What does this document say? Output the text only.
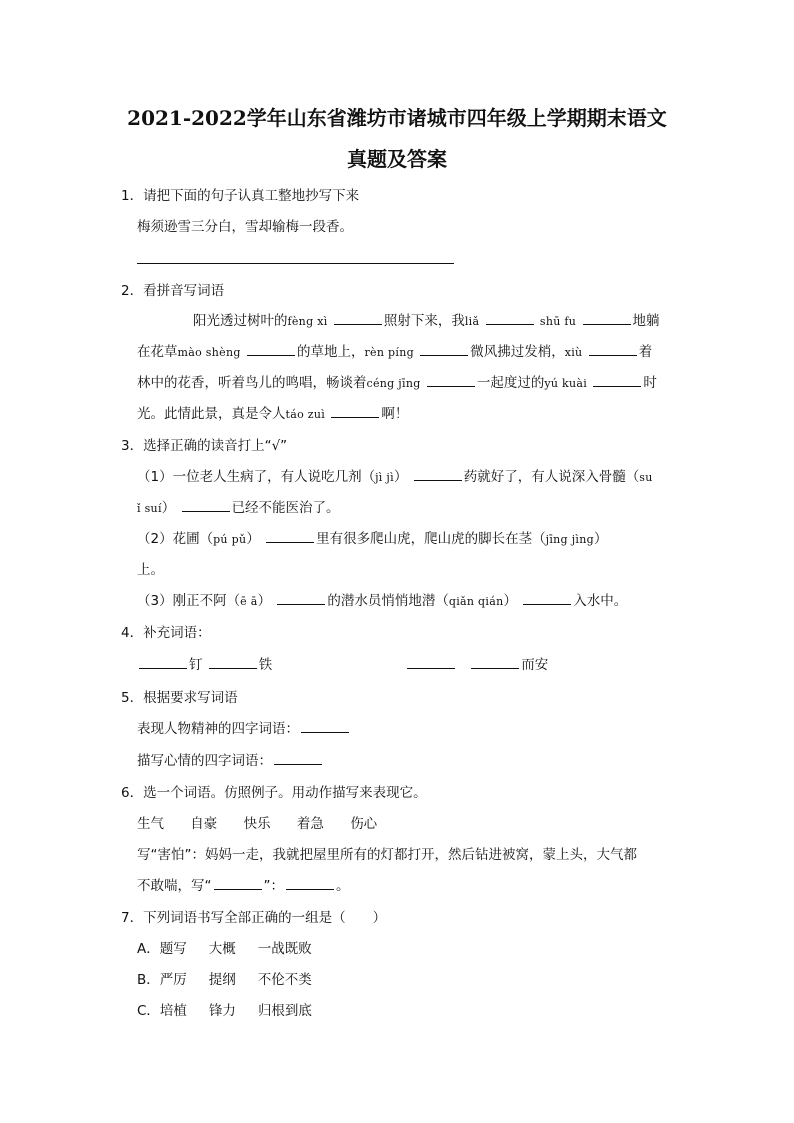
2021-2022学年山东省潍坊市诸城市四年级上学期期末语文
真题及答案
1．请把下面的句子认真工整地抄写下来
梅须逊雪三分白，雪却输梅一段香。
2．看拼音写词语
阳光透过树叶的fèng xì	照射下来，我liǎ	shū fu	地躺
在花草mào shèng	的草地上，rèn píng	微风拂过发梢，xiù	着
林中的花香，听着鸟儿的鸣唱，畅谈着céng jīng	一起度过的yú kuài	时
光。此情此景，真是令人táo zuì	啊！
3．选择正确的读音打上“√”
（1）一位老人生病了，有人说吃几剂（jì jì）	药就好了，有人说深入骨髓（su
ǐ suí）	已经不能医治了。
（2）花圃（pú pǔ）	里有很多爬山虎，爬山虎的脚长在茎（jīng jìng）
上。
（3）刚正不阿（ē ā）	的潜水员悄悄地潜（qiǎn qián）	入水中。
4．补充词语：
钉	铁	而安
5．根据要求写词语
表现人物精神的四字词语：
描写心情的四字词语：
6．选一个词语。仿照例子。用动作描写来表现它。
生气 自豪 快乐 着急 伤心
写“害怕”：妈妈一走，我就把屋里所有的灯都打开，然后钻进被窝，蒙上头，大气都
不敢喘，写“	”：	。
7．下列词语书写全部正确的一组是（　　）
A．题写 大概 一战既败
B．严厉 提纲 不伦不类
C．培植 锋力 归根到底
